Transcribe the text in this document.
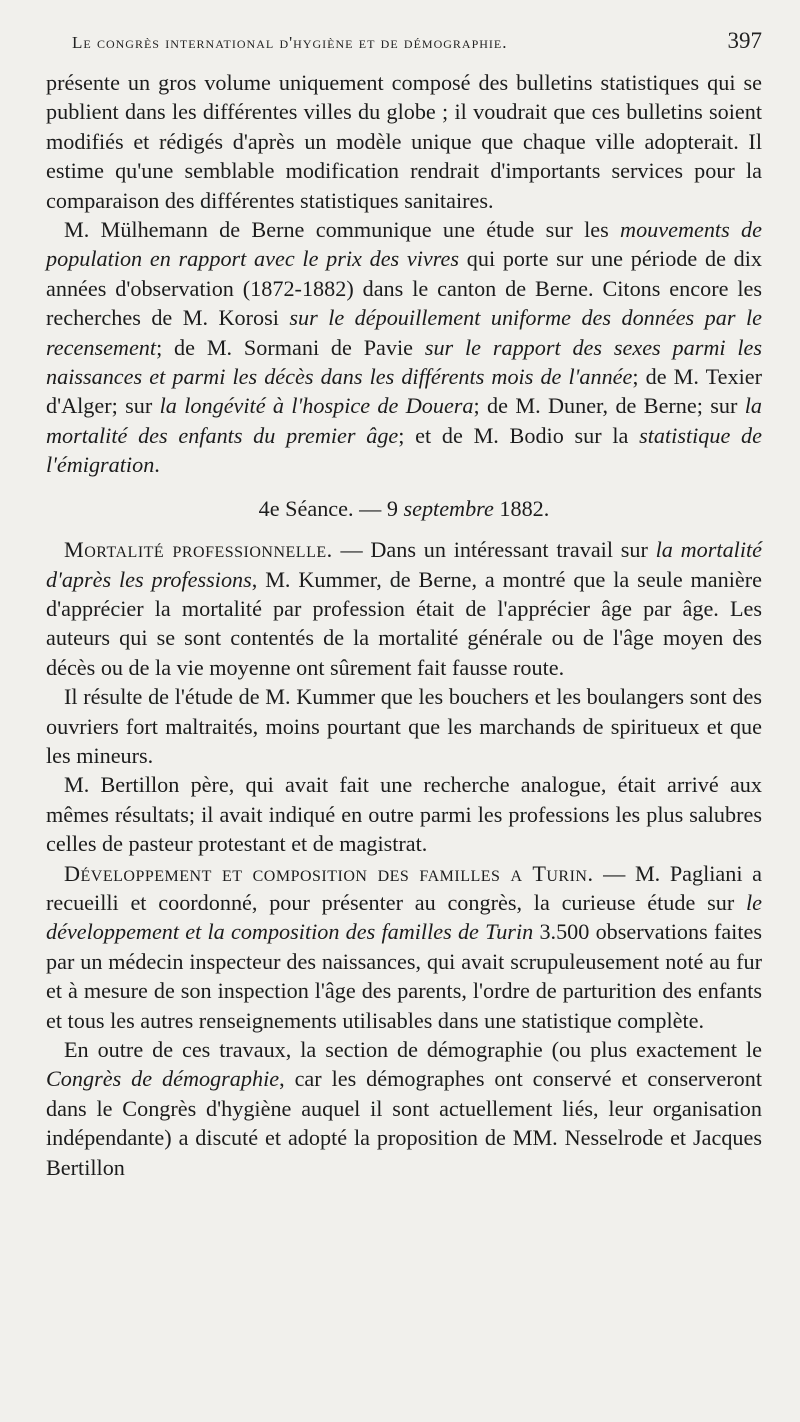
Le congrès international d'hygiène et de démographie.	397

présente un gros volume uniquement composé des bulletins statistiques qui se publient dans les différentes villes du globe ; il voudrait que ces bulletins soient modifiés et rédigés d'après un modèle unique que chaque ville adopterait. Il estime qu'une semblable modification rendrait d'importants services pour la comparaison des différentes statistiques sanitaires.

M. Mülhemann de Berne communique une étude sur les mouvements de population en rapport avec le prix des vivres qui porte sur une période de dix années d'observation (1872-1882) dans le canton de Berne. Citons encore les recherches de M. Korosi sur le dépouillement uniforme des données par le recensement; de M. Sormani de Pavie sur le rapport des sexes parmi les naissances et parmi les décès dans les différents mois de l'année; de M. Texier d'Alger; sur la longévité à l'hospice de Douera; de M. Duner, de Berne; sur la mortalité des enfants du premier âge; et de M. Bodio sur la statistique de l'émigration.

4e Séance. — 9 septembre 1882.

Mortalité professionnelle. — Dans un intéressant travail sur la mortalité d'après les professions, M. Kummer, de Berne, a montré que la seule manière d'apprécier la mortalité par profession était de l'apprécier âge par âge. Les auteurs qui se sont contentés de la mortalité générale ou de l'âge moyen des décès ou de la vie moyenne ont sûrement fait fausse route.

Il résulte de l'étude de M. Kummer que les bouchers et les boulangers sont des ouvriers fort maltraités, moins pourtant que les marchands de spiritueux et que les mineurs.

M. Bertillon père, qui avait fait une recherche analogue, était arrivé aux mêmes résultats; il avait indiqué en outre parmi les professions les plus salubres celles de pasteur protestant et de magistrat.

Développement et composition des familles a Turin. — M. Pagliani a recueilli et coordonné, pour présenter au congrès, la curieuse étude sur le développement et la composition des familles de Turin 3.500 observations faites par un médecin inspecteur des naissances, qui avait scrupuleusement noté au fur et à mesure de son inspection l'âge des parents, l'ordre de parturition des enfants et tous les autres renseignements utilisables dans une statistique complète.

En outre de ces travaux, la section de démographie (ou plus exactement le Congrès de démographie, car les démographes ont conservé et conserveront dans le Congrès d'hygiène auquel il sont actuellement liés, leur organisation indépendante) a discuté et adopté la proposition de MM. Nesselrode et Jacques Bertillon
